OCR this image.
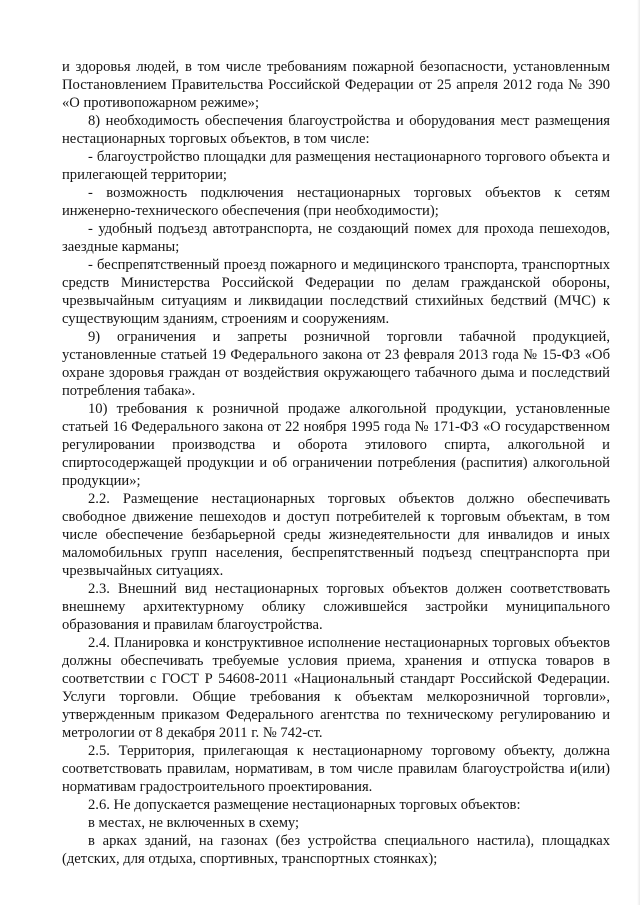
и здоровья людей, в том числе требованиям пожарной безопасности, установленным Постановлением Правительства Российской Федерации от 25 апреля 2012 года № 390 «О противопожарном режиме»;

8) необходимость обеспечения благоустройства и оборудования мест размещения нестационарных торговых объектов, в том числе:

- благоустройство площадки для размещения нестационарного торгового объекта и прилегающей территории;

- возможность подключения нестационарных торговых объектов к сетям инженерно-технического обеспечения (при необходимости);

- удобный подъезд автотранспорта, не создающий помех для прохода пешеходов, заездные карманы;

- беспрепятственный проезд пожарного и медицинского транспорта, транспортных средств Министерства Российской Федерации по делам гражданской обороны, чрезвычайным ситуациям и ликвидации последствий стихийных бедствий (МЧС) к существующим зданиям, строениям и сооружениям.

9) ограничения и запреты розничной торговли табачной продукцией, установленные статьей 19 Федерального закона от 23 февраля 2013 года № 15-ФЗ «Об охране здоровья граждан от воздействия окружающего табачного дыма и последствий потребления табака».

10) требования к розничной продаже алкогольной продукции, установленные статьей 16 Федерального закона от 22 ноября 1995 года № 171-ФЗ «О государственном регулировании производства и оборота этилового спирта, алкогольной и спиртосодержащей продукции и об ограничении потребления (распития) алкогольной продукции»;

2.2. Размещение нестационарных торговых объектов должно обеспечивать свободное движение пешеходов и доступ потребителей к торговым объектам, в том числе обеспечение безбарьерной среды жизнедеятельности для инвалидов и иных маломобильных групп населения, беспрепятственный подъезд спецтранспорта при чрезвычайных ситуациях.

2.3. Внешний вид нестационарных торговых объектов должен соответствовать внешнему архитектурному облику сложившейся застройки муниципального образования и правилам благоустройства.

2.4. Планировка и конструктивное исполнение нестационарных торговых объектов должны обеспечивать требуемые условия приема, хранения и отпуска товаров в соответствии с ГОСТ Р 54608-2011 «Национальный стандарт Российской Федерации. Услуги торговли. Общие требования к объектам мелкорозничной торговли», утвержденным приказом Федерального агентства по техническому регулированию и метрологии от 8 декабря 2011 г. № 742-ст.

2.5. Территория, прилегающая к нестационарному торговому объекту, должна соответствовать правилам, нормативам, в том числе правилам благоустройства и(или) нормативам градостроительного проектирования.

2.6. Не допускается размещение нестационарных торговых объектов:

в местах, не включенных в схему;

в арках зданий, на газонах (без устройства специального настила), площадках (детских, для отдыха, спортивных, транспортных стоянках);
